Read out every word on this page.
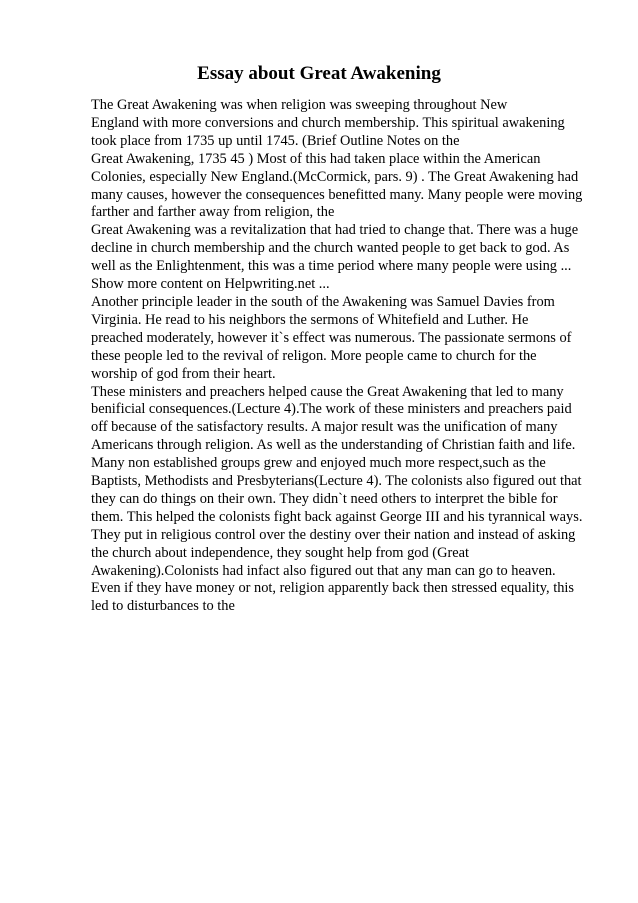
Essay about Great Awakening
The Great Awakening was when religion was sweeping throughout New
England with more conversions and church membership. This spiritual awakening
took place from 1735 up until 1745. (Brief Outline Notes on the
Great Awakening, 1735 45 ) Most of this had taken place within the American
Colonies, especially New England.(McCormick, pars. 9) . The Great Awakening had
many causes, however the consequences benefitted many. Many people were moving
farther and farther away from religion, the
Great Awakening was a revitalization that had tried to change that. There was a huge
decline in church membership and the church wanted people to get back to god. As
well as the Enlightenment, this was a time period where many people were using ...
Show more content on Helpwriting.net ...
Another principle leader in the south of the Awakening was Samuel Davies from
Virginia. He read to his neighbors the sermons of Whitefield and Luther. He
preached moderately, however it`s effect was numerous. The passionate sermons of
these people led to the revival of religon. More people came to church for the
worship of god from their heart.
These ministers and preachers helped cause the Great Awakening that led to many
benificial consequences.(Lecture 4).The work of these ministers and preachers paid
off because of the satisfactory results. A major result was the unification of many
Americans through religion. As well as the understanding of Christian faith and life.
Many non established groups grew and enjoyed much more respect,such as the
Baptists, Methodists and Presbyterians(Lecture 4). The colonists also figured out that
they can do things on their own. They didn`t need others to interpret the bible for
them. This helped the colonists fight back against George III and his tyrannical ways.
They put in religious control over the destiny over their nation and instead of asking
the church about independence, they sought help from god (Great
Awakening).Colonists had infact also figured out that any man can go to heaven.
Even if they have money or not, religion apparently back then stressed equality, this
led to disturbances to the
